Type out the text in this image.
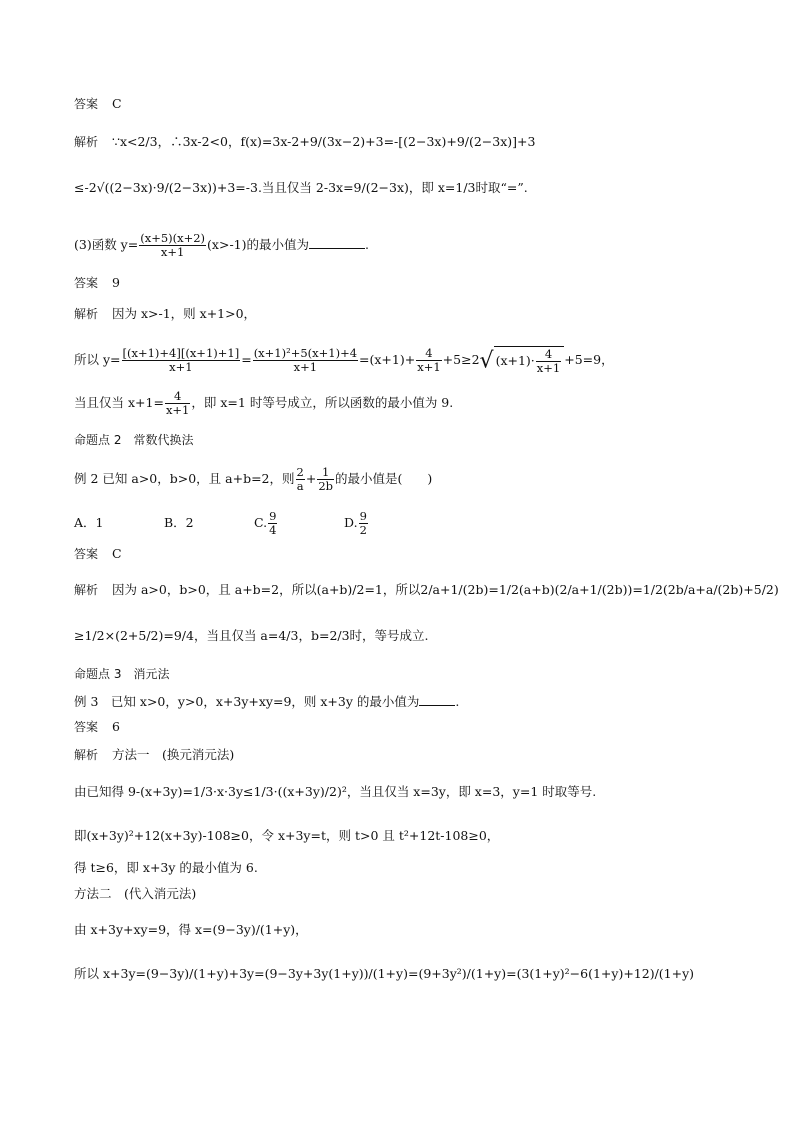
答案 C
解析 ∵x<2/3，∴3x-2<0，f(x)=3x-2+9/(3x−2)+3=-[(2−3x)+9/(2−3x)]+3
≤-2√((2−3x)·9/(2−3x))+3=-3.当且仅当 2-3x=9/(2−3x)，即 x=1/3时取“=”.
(3)函数 $y= \frac{(x+5)(x+2)}{x+1} (x>-1)$的最小值为	.
答案 9
解析 因为 x>-1，则 x+1>0，
所以 $y= \frac{[(x+1)+4][(x+1)+1]}{x+1} = \frac{\text{(x+1)²+5(x+1)+4}}{x+1} =(x+1)+ \frac{4}{x+1} +5\ge 2√$ $(x+1)\cdot \frac{4}{x+1} +5=9$，
当且仅当 $x+1= \frac{4}{x+1}$ ，即 x=1 时等号成立，所以函数的最小值为 9.
命题点 2　常数代换法
例 2 已知 a>0，b>0，且 a+b=2，则 $\frac{2}{a} + \frac{1}{2b}$ 的最小值是(　　)
A．1	B．2	C. $\frac{9}{4}$	D. $\frac{9}{2}$
答案 C
解析 因为 a>0，b>0，且 a+b=2，所以(a+b)/2=1，所以2/a+1/(2b)=1/2(a+b)(2/a+1/(2b))=1/2(2b/a+a/(2b)+5/2)
≥1/2×(2+5/2)=9/4，当且仅当 a=4/3，b=2/3时，等号成立.
命题点 3　消元法
例 3　已知 x>0，y>0，x+3y+xy=9，则 x+3y 的最小值为	.
答案 6
解析 方法一　(换元消元法)
由已知得 9-(x+3y)=1/3·x·3y≤1/3·((x+3y)/2)²，当且仅当 x=3y，即 x=3，y=1 时取等号.
即(x+3y)²+12(x+3y)-108≥0，令 x+3y=t，则 t>0 且 t²+12t-108≥0，
得 t≥6，即 x+3y 的最小值为 6.
方法二　(代入消元法)
由 x+3y+xy=9，得 x=(9−3y)/(1+y)，
所以 x+3y=(9−3y)/(1+y)+3y=(9−3y+3y(1+y))/(1+y)=(9+3y²)/(1+y)=(3(1+y)²−6(1+y)+12)/(1+y)
